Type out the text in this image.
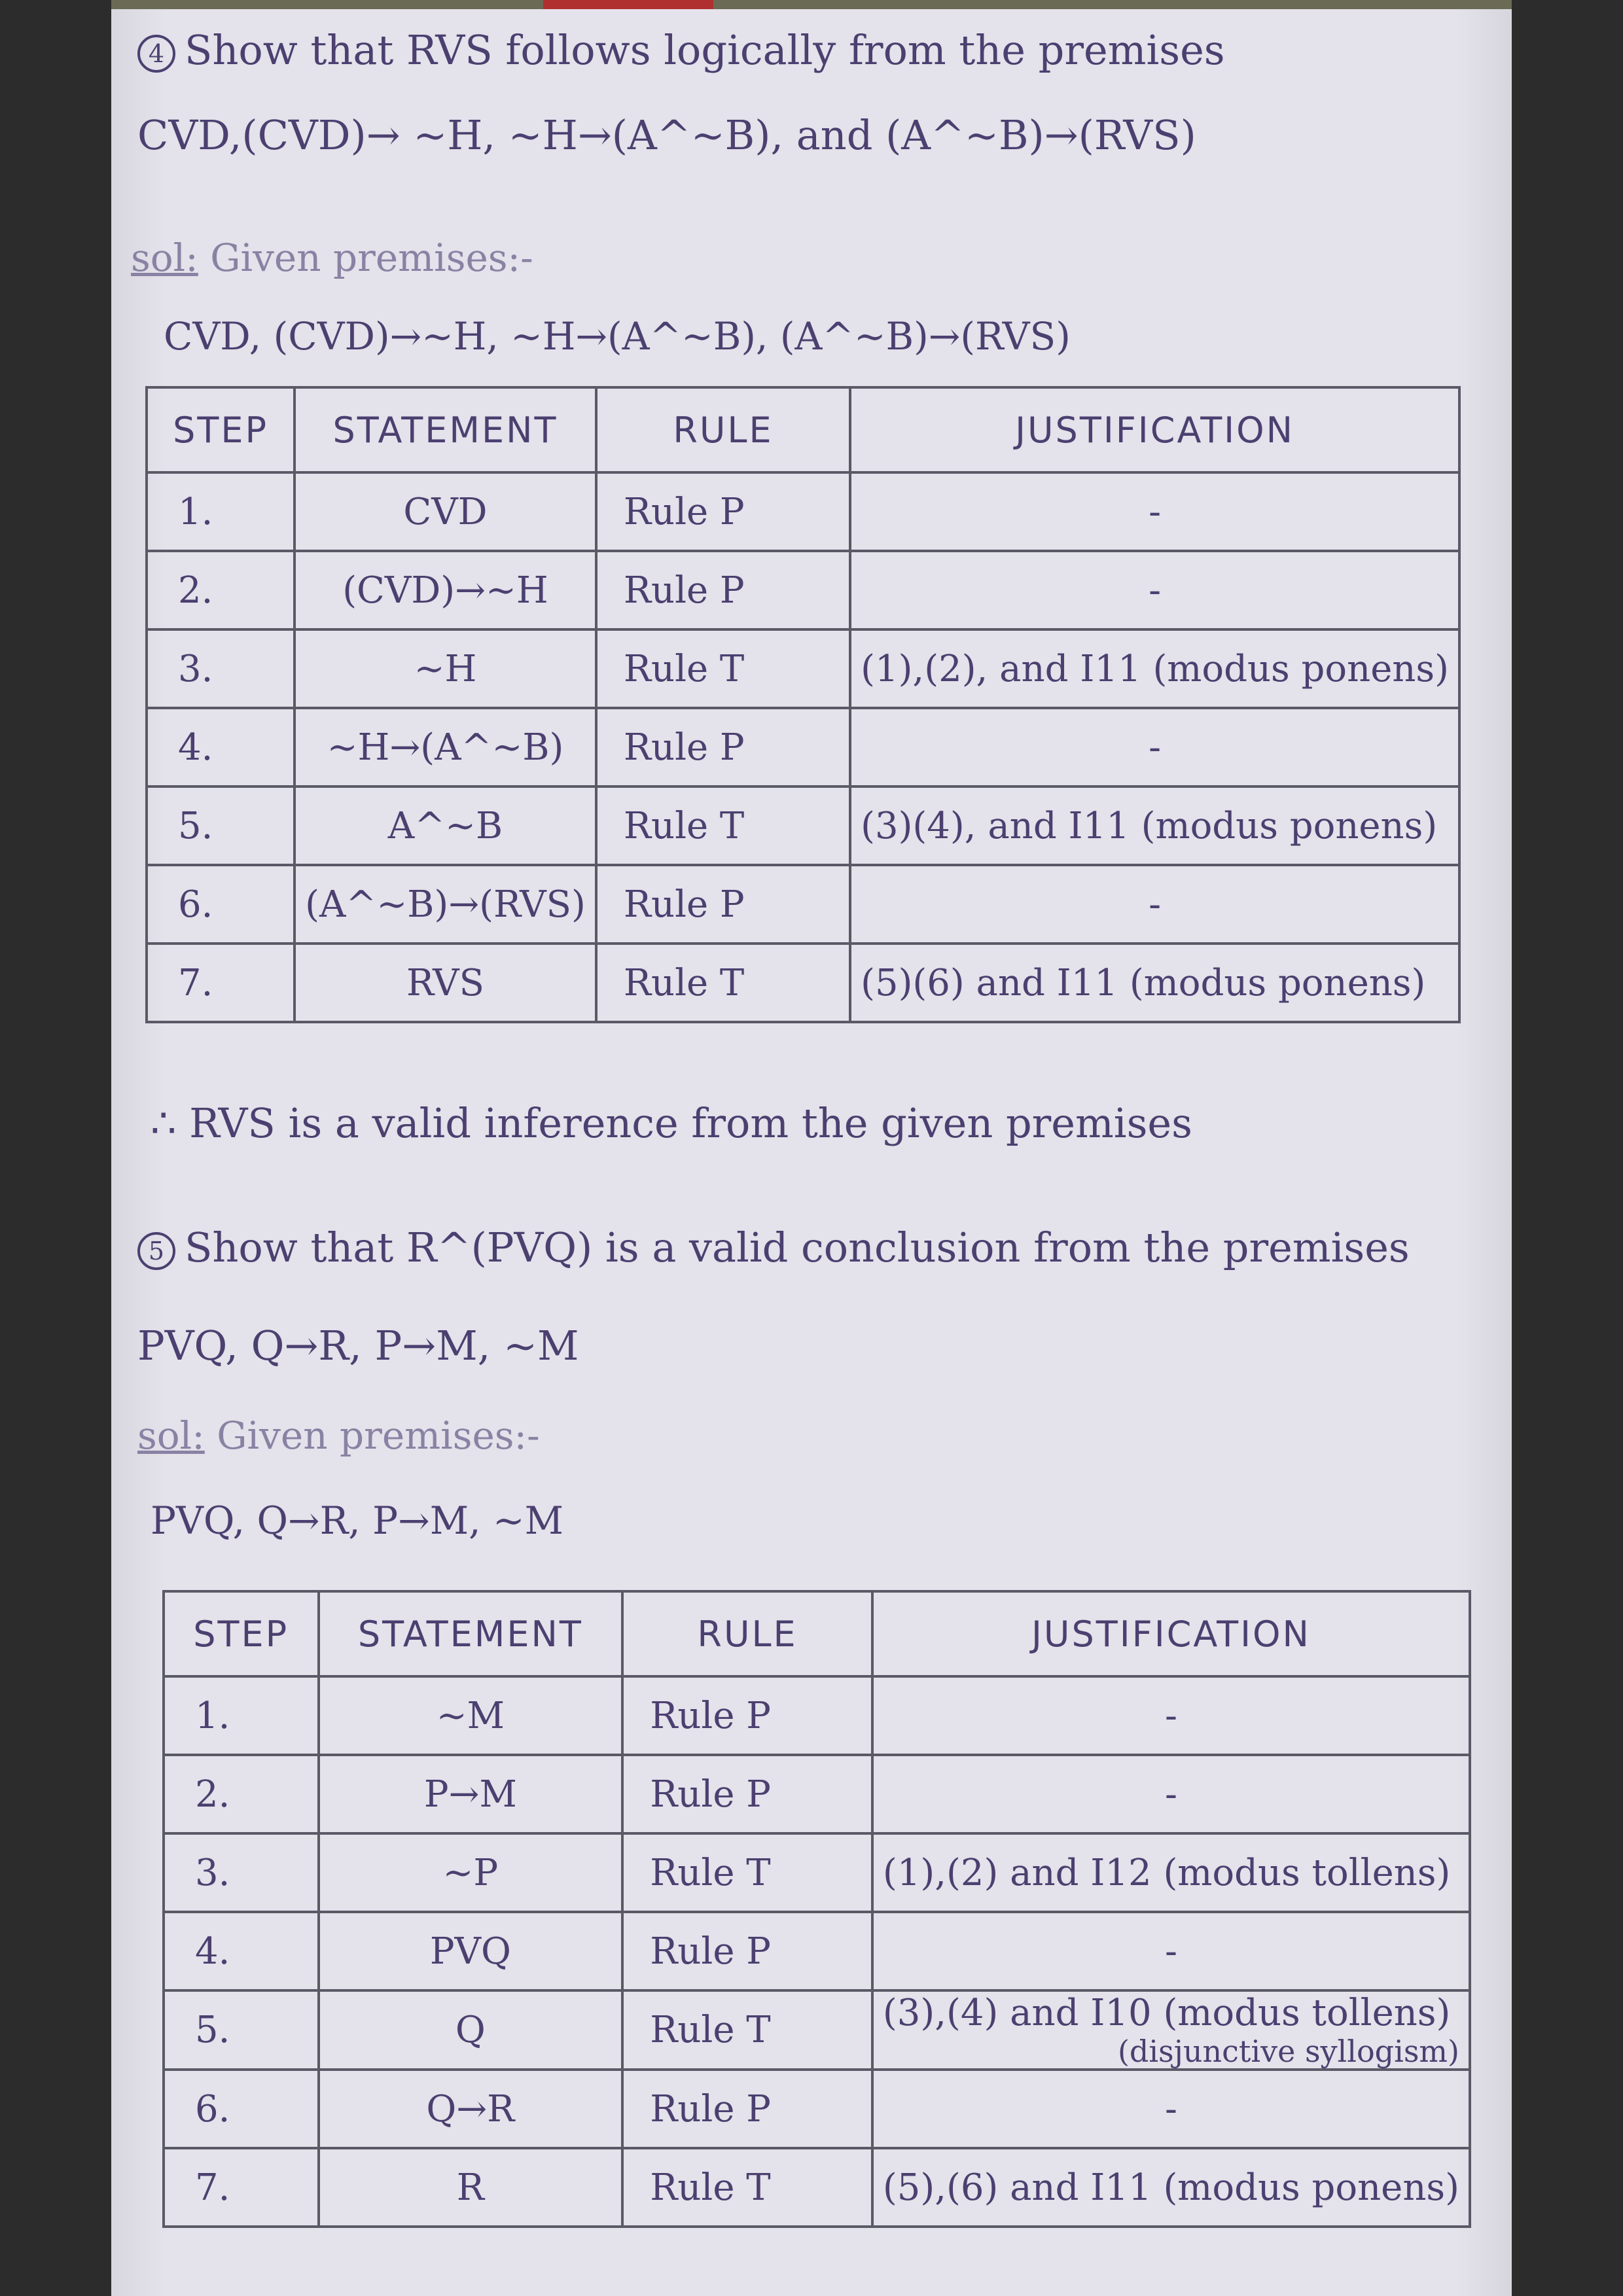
4 Show that RVS follows logically from the premises
CVD,(CVD)→ ~H, ~H→(A^~B), and (A^~B)→(RVS)
sol: Given premises:-
CVD, (CVD)→~H, ~H→(A^~B), (A^~B)→(RVS)
STEP	STATEMENT	RULE	JUSTIFICATION
1.	CVD	Rule P	-
2.	(CVD)→~H	Rule P	-
3.	~H	Rule T	(1),(2), and I11 (modus ponens)
4.	~H→(A^~B)	Rule P	-
5.	A^~B	Rule T	(3)(4), and I11 (modus ponens)
6.	(A^~B)→(RVS)	Rule P	-
7.	RVS	Rule T	(5)(6) and I11 (modus ponens)
∴ RVS is a valid inference from the given premises
5 Show that R^(PVQ) is a valid conclusion from the premises
PVQ, Q→R, P→M, ~M
sol: Given premises:-
PVQ, Q→R, P→M, ~M
STEP	STATEMENT	RULE	JUSTIFICATION
1.	~M	Rule P	-
2.	P→M	Rule P	-
3.	~P	Rule T	(1),(2) and I12 (modus tollens)
4.	PVQ	Rule P	-
5.	Q	Rule T	(3),(4) and I10 (modus tollens)
(disjunctive syllogism)

6.	Q→R	Rule P	-
7.	R	Rule T	(5),(6) and I11 (modus ponens)
